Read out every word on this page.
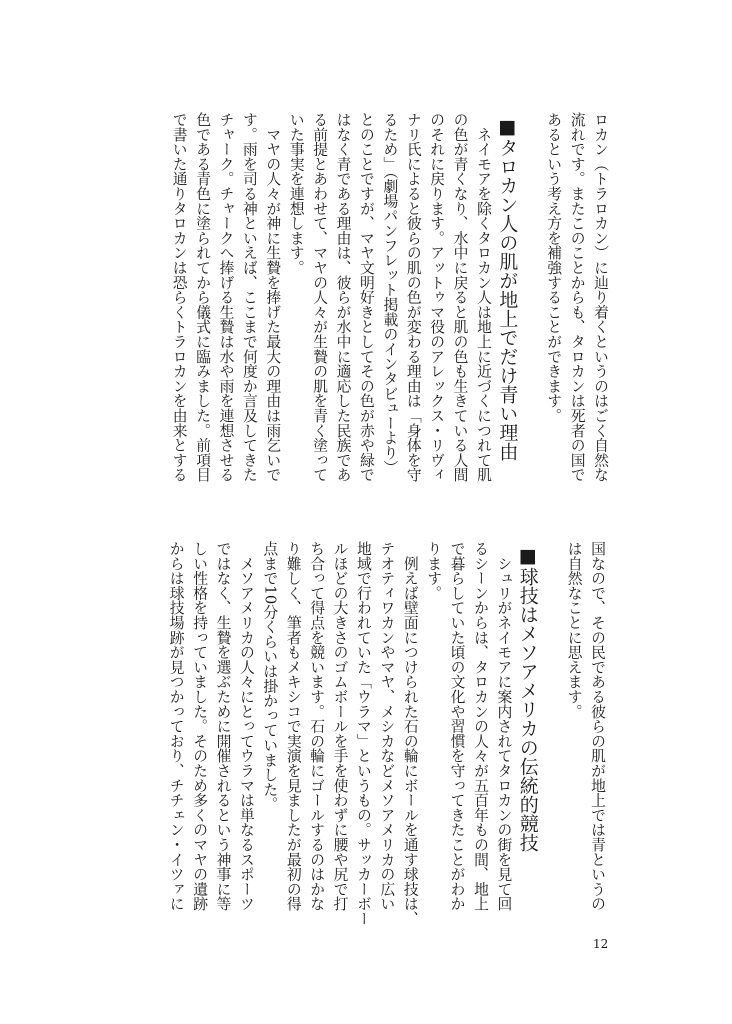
ロカン（トラロカン）に辿り着くというのはごく自然な
流れです。またこのことからも、タロカンは死者の国で
あるという考え方を補強することができます。
■タロカン人の肌が地上でだけ青い理由
　ネイモアを除くタロカン人は地上に近づくにつれて肌
の色が青くなり、水中に戻ると肌の色も生きている人間
のそれに戻ります。アットゥマ役のアレックス・リヴィ
ナリ氏によると彼らの肌の色が変わる理由は「身体を守
るため」（劇場パンフレット掲載のインタビューより）
とのことですが、マヤ文明好きとしてその色が赤や緑で
はなく青である理由は、彼らが水中に適応した民族であ
る前提とあわせて、マヤの人々が生贄の肌を青く塗って
いた事実を連想します。
　マヤの人々が神に生贄を捧げた最大の理由は雨乞いで
す。雨を司る神といえば、ここまで何度か言及してきた
チャーク。チャークへ捧げる生贄は水や雨を連想させる
色である青色に塗られてから儀式に臨みました。前項目
で書いた通りタロカンは恐らくトラロカンを由来とする
国なので、その民である彼らの肌が地上では青というの
は自然なことに思えます。
■球技はメソアメリカの伝統的競技
　シュリがネイモアに案内されてタロカンの街を見て回
るシーンからは、タロカンの人々が五百年もの間、地上
で暮らしていた頃の文化や習慣を守ってきたことがわか
ります。
　例えば壁面につけられた石の輪にボールを通す球技は、
テオティワカンやマヤ、メシカなどメソアメリカの広い
地域で行われていた「ウラマ」というもの。サッカーボー
ルほどの大きさのゴムボールを手を使わずに腰や尻で打
ち合って得点を競います。石の輪にゴールするのはかな
り難しく、筆者もメキシコで実演を見ましたが最初の得
点まで10分くらいは掛かっていました。
　メソアメリカの人々にとってウラマは単なるスポーツ
ではなく、生贄を選ぶために開催されるという神事に等
しい性格を持っていました。そのため多くのマヤの遺跡
からは球技場跡が見つかっており、チチェン・イツァに
12
